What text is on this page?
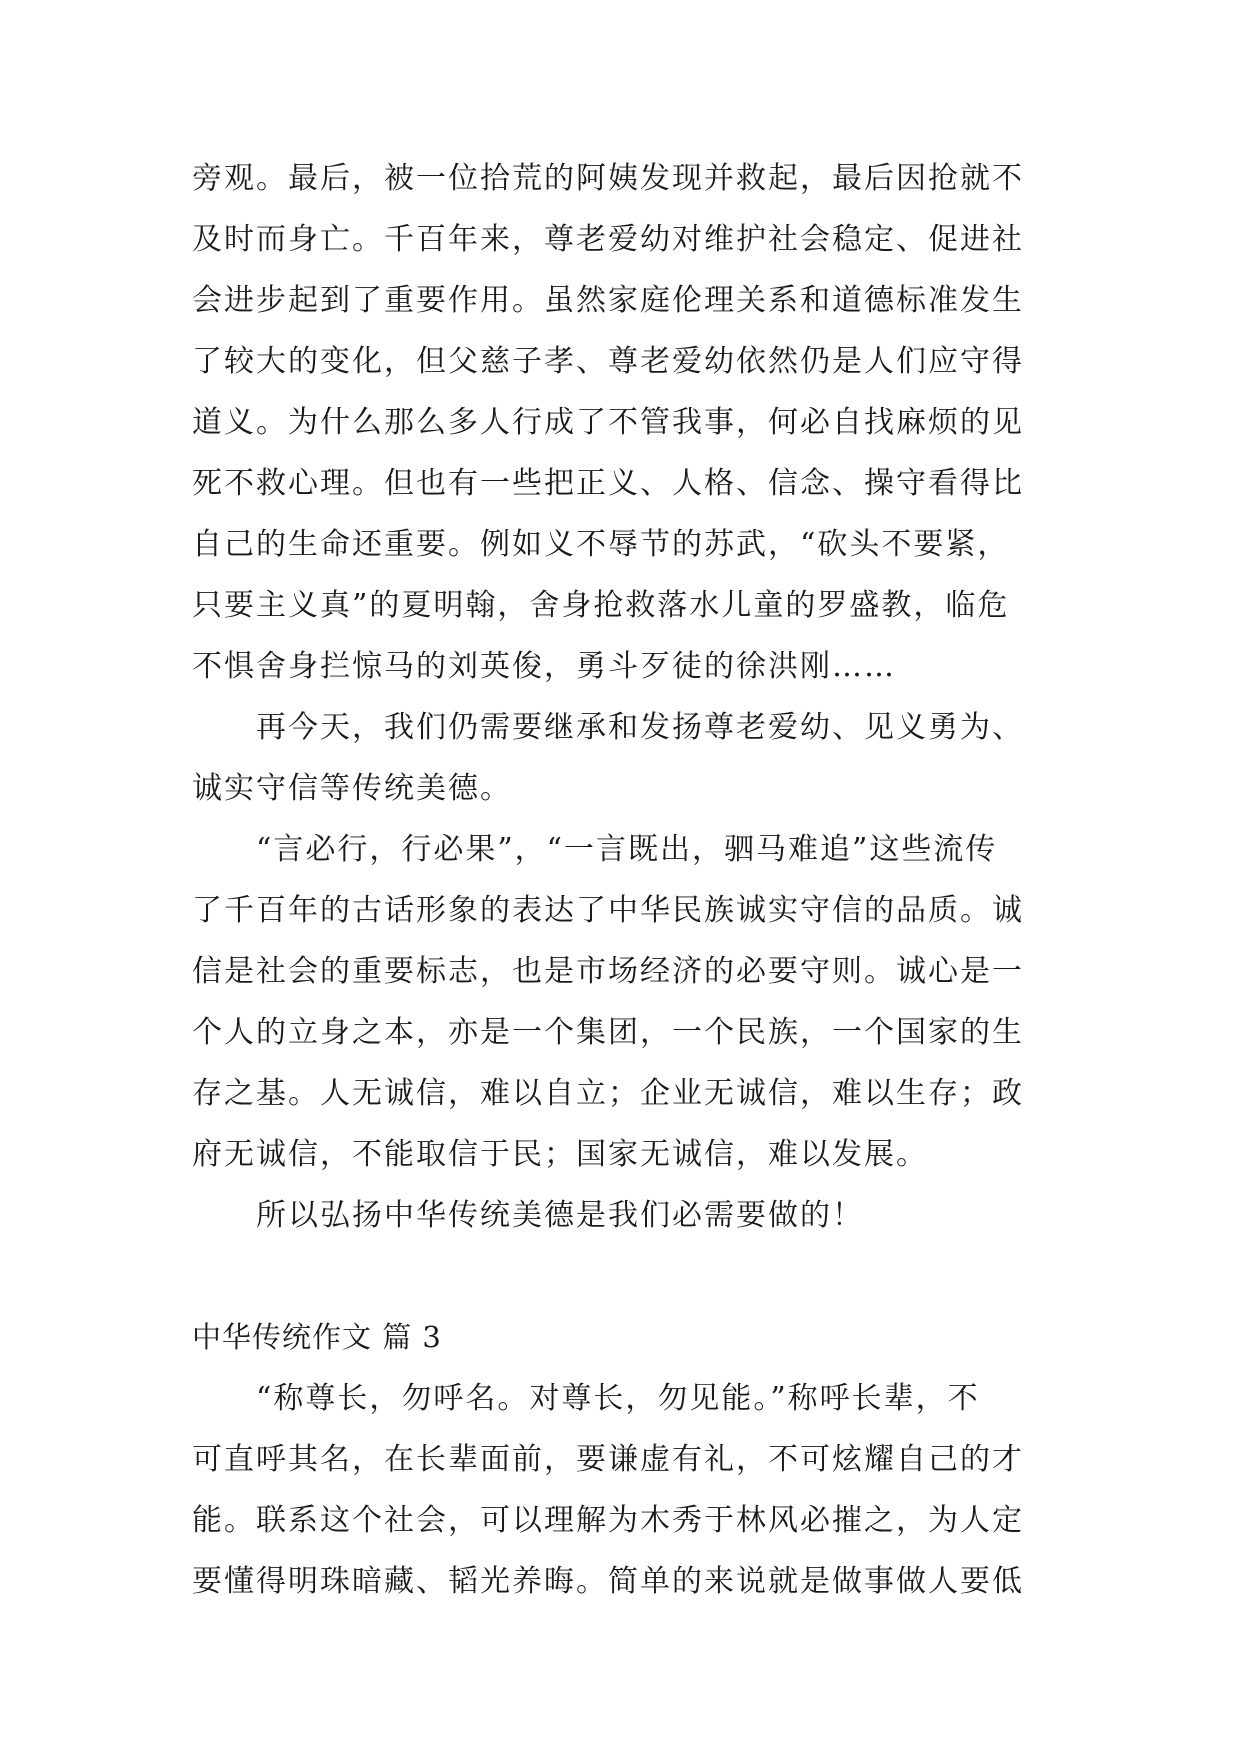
旁观。最后，被一位拾荒的阿姨发现并救起，最后因抢就不
及时而身亡。千百年来，尊老爱幼对维护社会稳定、促进社
会进步起到了重要作用。虽然家庭伦理关系和道德标准发生
了较大的变化，但父慈子孝、尊老爱幼依然仍是人们应守得
道义。为什么那么多人行成了不管我事，何必自找麻烦的见
死不救心理。但也有一些把正义、人格、信念、操守看得比
自己的生命还重要。例如义不辱节的苏武，“砍头不要紧，
只要主义真”的夏明翰，舍身抢救落水儿童的罗盛教，临危
不惧舍身拦惊马的刘英俊，勇斗歹徒的徐洪刚……
再今天，我们仍需要继承和发扬尊老爱幼、见义勇为、
诚实守信等传统美德。
“言必行，行必果”，“一言既出，驷马难追”这些流传
了千百年的古话形象的表达了中华民族诚实守信的品质。诚
信是社会的重要标志，也是市场经济的必要守则。诚心是一
个人的立身之本，亦是一个集团，一个民族，一个国家的生
存之基。人无诚信，难以自立；企业无诚信，难以生存；政
府无诚信，不能取信于民；国家无诚信，难以发展。
所以弘扬中华传统美德是我们必需要做的！
中华传统作文 篇 3
“称尊长，勿呼名。对尊长，勿见能。”称呼长辈，不
可直呼其名，在长辈面前，要谦虚有礼，不可炫耀自己的才
能。联系这个社会，可以理解为木秀于林风必摧之，为人定
要懂得明珠暗藏、韬光养晦。简单的来说就是做事做人要低
